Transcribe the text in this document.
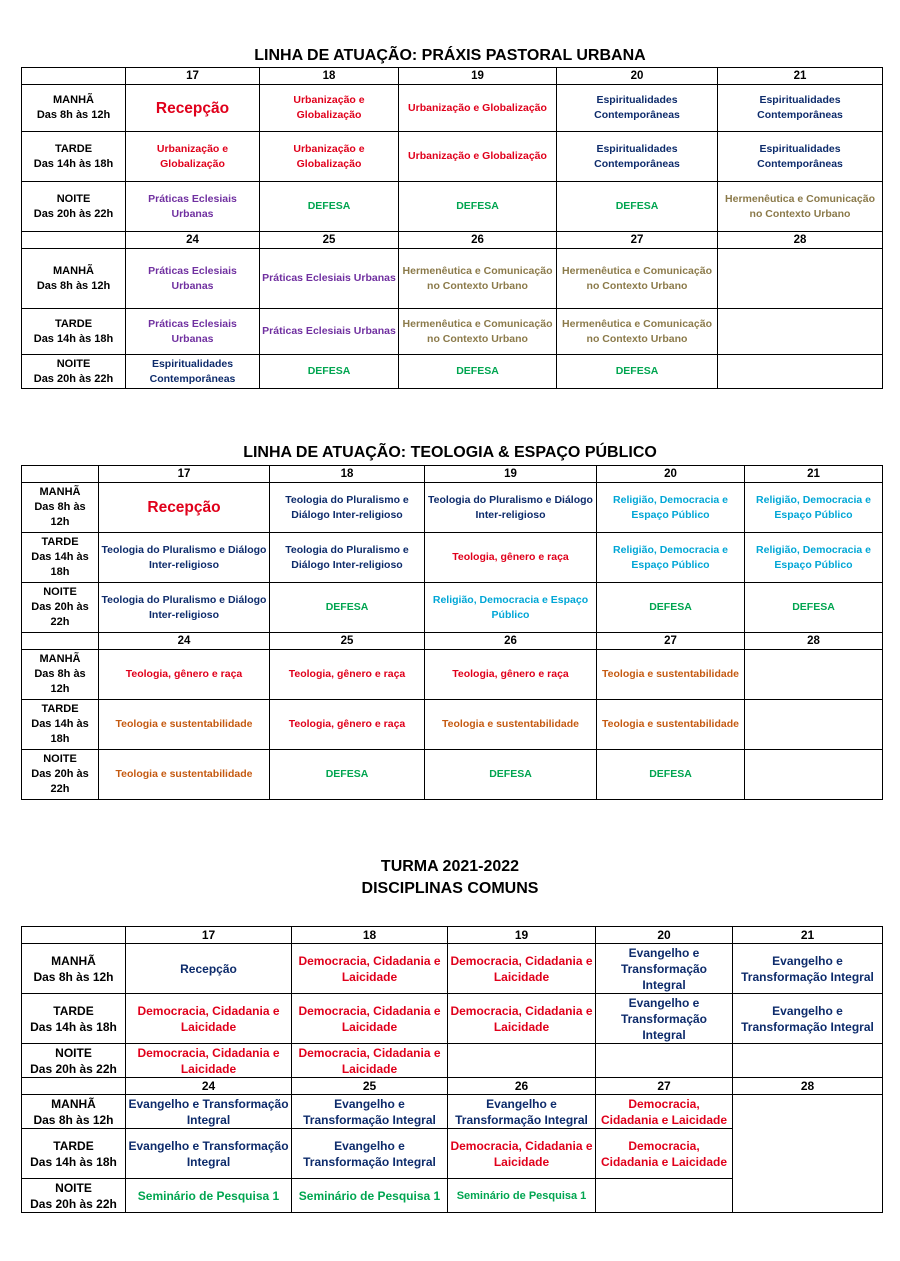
LINHA DE ATUAÇÃO: PRÁXIS PASTORAL URBANA
	17	18	19	20	21

MANHÃ
Das 8h às 12h	Recepção	Urbanização e Globalização	Urbanização e Globalização	Espiritualidades Contemporâneas	Espiritualidades Contemporâneas

TARDE
Das 14h às 18h	Urbanização e Globalização	Urbanização e Globalização	Urbanização e Globalização	Espiritualidades Contemporâneas	Espiritualidades Contemporâneas

NOITE
Das 20h às 22h	Práticas Eclesiais Urbanas	DEFESA	DEFESA	DEFESA	Hermenêutica e Comunicação no Contexto Urbano
	24	25	26	27	28

MANHÃ
Das 8h às 12h	Práticas Eclesiais Urbanas	Práticas Eclesiais Urbanas	Hermenêutica e Comunicação no Contexto Urbano	Hermenêutica e Comunicação no Contexto Urbano	

TARDE
Das 14h às 18h	Práticas Eclesiais Urbanas	Práticas Eclesiais Urbanas	Hermenêutica e Comunicação no Contexto Urbano	Hermenêutica e Comunicação no Contexto Urbano	

NOITE
Das 20h às 22h	Espiritualidades Contemporâneas	DEFESA	DEFESA	DEFESA	
LINHA DE ATUAÇÃO: TEOLOGIA & ESPAÇO PÚBLICO
	17	18	19	20	21

MANHÃ
Das 8h às
12h	Recepção	Teologia do Pluralismo e Diálogo Inter-religioso	Teologia do Pluralismo e Diálogo Inter-religioso	Religião, Democracia e Espaço Público	Religião, Democracia e Espaço Público

TARDE
Das 14h às
18h	Teologia do Pluralismo e Diálogo Inter-religioso	Teologia do Pluralismo e Diálogo Inter-religioso	Teologia, gênero e raça	Religião, Democracia e Espaço Público	Religião, Democracia e Espaço Público

NOITE
Das 20h às
22h	Teologia do Pluralismo e Diálogo Inter-religioso	DEFESA	Religião, Democracia e Espaço Público	DEFESA	DEFESA
	24	25	26	27	28

MANHÃ
Das 8h às
12h	Teologia, gênero e raça	Teologia, gênero e raça	Teologia, gênero e raça	Teologia e sustentabilidade	

TARDE
Das 14h às
18h	Teologia e sustentabilidade	Teologia, gênero e raça	Teologia e sustentabilidade	Teologia e sustentabilidade	

NOITE
Das 20h às
22h	Teologia e sustentabilidade	DEFESA	DEFESA	DEFESA	
TURMA 2021-2022
DISCIPLINAS COMUNS
	17	18	19	20	21

MANHÃ
Das 8h às 12h	Recepção	Democracia, Cidadania e Laicidade	Democracia, Cidadania e Laicidade	Evangelho e Transformação Integral	Evangelho e Transformação Integral

TARDE
Das 14h às 18h	Democracia, Cidadania e Laicidade	Democracia, Cidadania e Laicidade	Democracia, Cidadania e Laicidade	Evangelho e Transformação Integral	Evangelho e Transformação Integral

NOITE
Das 20h às 22h	Democracia, Cidadania e Laicidade	Democracia, Cidadania e Laicidade			
	24	25	26	27	28

MANHÃ
Das 8h às 12h	Evangelho e Transformação Integral	Evangelho e Transformação Integral	Evangelho e Transformação Integral	Democracia, Cidadania e Laicidade	

TARDE
Das 14h às 18h	Evangelho e Transformação Integral	Evangelho e Transformação Integral	Democracia, Cidadania e Laicidade	Democracia, Cidadania e Laicidade	

NOITE
Das 20h às 22h	Seminário de Pesquisa 1	Seminário de Pesquisa 1	Seminário de Pesquisa 1		
